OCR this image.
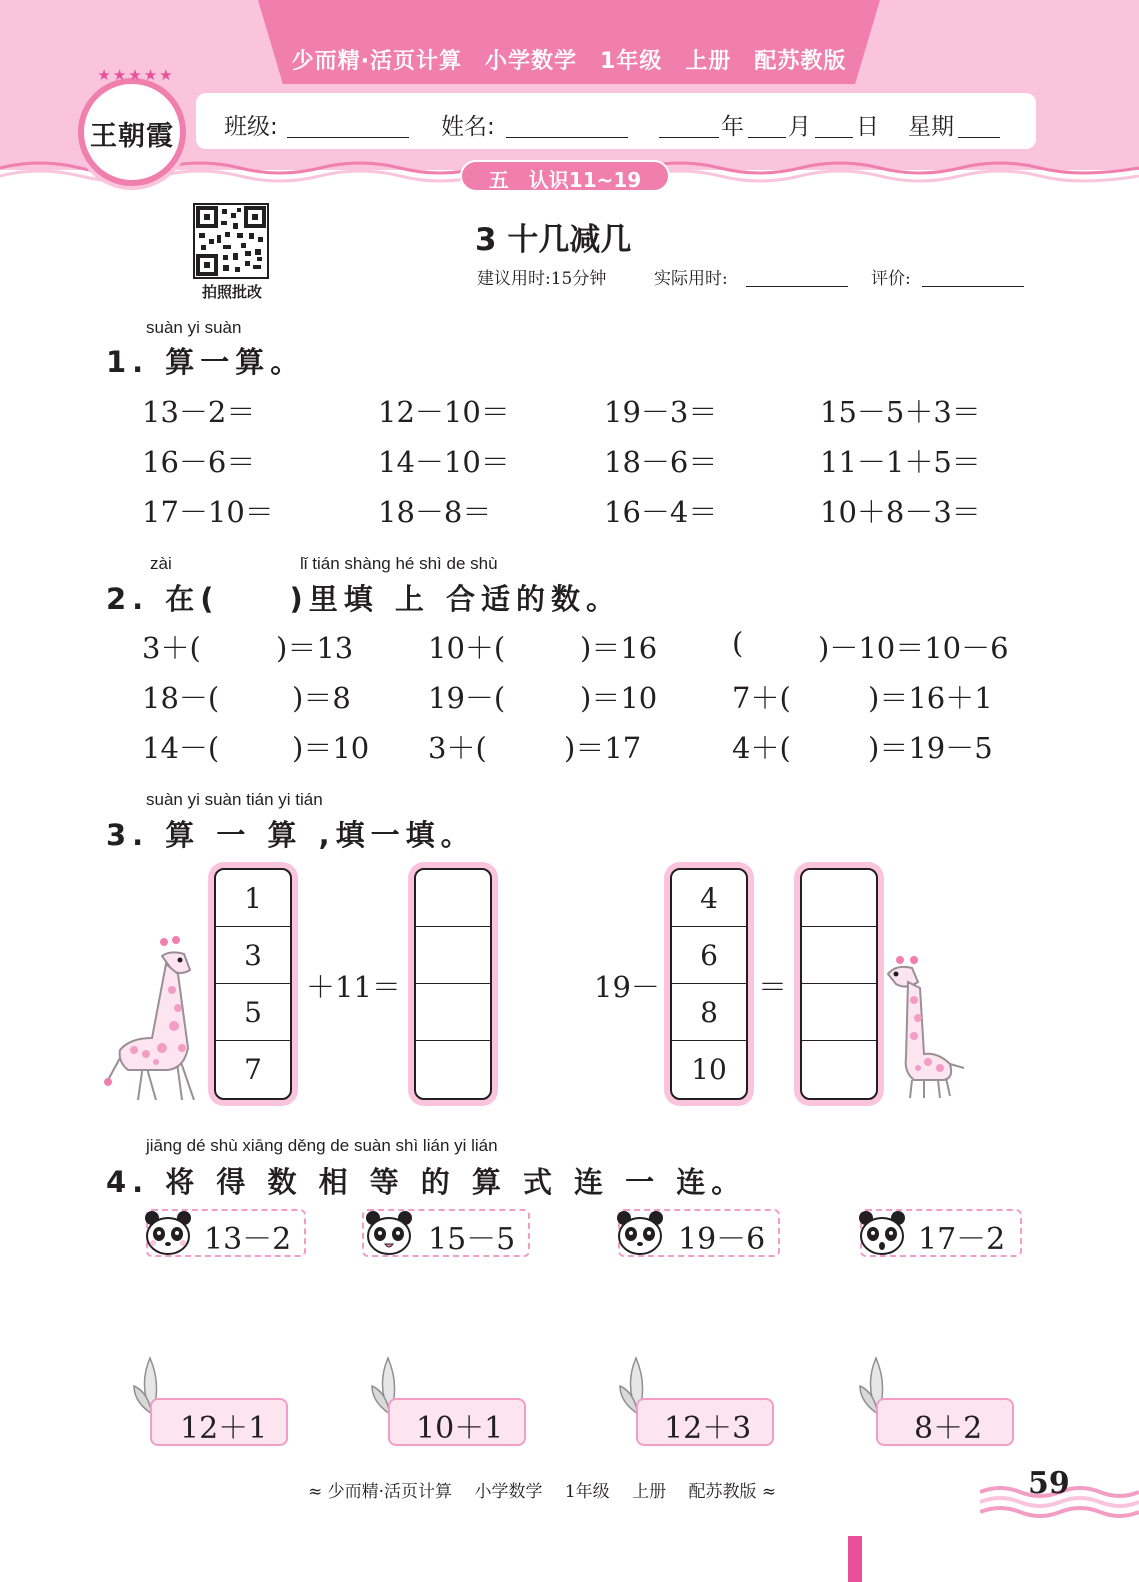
少而精·活页计算　小学数学　1年级　上册　配苏教版
班级:	姓名:	年 月 日 星期
王朝霞
★★★★★
五　认识11~19
拍照批改
3 十几减几
建议用时:15分钟	实际用时:	评价:
suàn yi suàn
1. 算一算。
13－2＝	12－10＝	19－3＝	15－5＋3＝
16－6＝	14－10＝	18－6＝	11－1＋5＝
17－10＝	18－8＝	16－4＝	10＋8－3＝
zài	lǐ tián shàng hé shì de shù
2. 在(　　)里填 上 合适的数。
3＋(	)＝13	10＋(	)＝16	(	)－10＝10－6
18－(	)＝8	19－(	)＝10	7＋(	)＝16＋1
14－(	)＝10 3＋(	)＝17	4＋(	)＝19－5
suàn yi suàn tián yi tián
3. 算 一 算 ,填一填。
1
3
5
7
＋11＝	19－
4
6
8
10
＝
jiāng dé shù xiāng děng de suàn shì lián yi lián
4. 将 得 数 相 等 的 算 式 连 一 连。
13－2	15－5	19－6	17－2
12＋1	10＋1	12＋3	8＋2
≈ 少而精·活页计算　 小学数学　 1年级　 上册　 配苏教版 ≈	59
